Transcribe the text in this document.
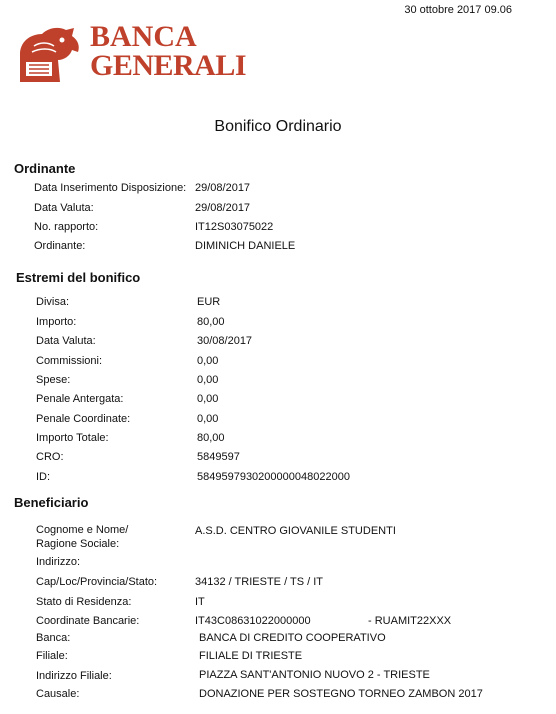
30 ottobre 2017 09.06
BANCA
GENERALI
Bonifico Ordinario
Ordinante
Data Inserimento Disposizione: 29/08/2017
Data Valuta:	29/08/2017
No. rapporto:	IT12S03075022
Ordinante:	DIMINICH DANIELE
Estremi del bonifico
Divisa:	EUR
Importo:	80,00
Data Valuta:	30/08/2017
Commissioni:	0,00
Spese:	0,00
Penale Antergata:	0,00
Penale Coordinate:	0,00
Importo Totale:	80,00
CRO:	5849597
ID:	5849597930200000048022000
Beneficiario
Cognome e Nome/
Ragione Sociale:
A.S.D. CENTRO GIOVANILE STUDENTI
Indirizzo:
Cap/Loc/Provincia/Stato:	34132 / TRIESTE / TS / IT
Stato di Residenza:	IT
Coordinate Bancarie:	IT43C08631022000000	- RUAMIT22XXX
Banca:	BANCA DI CREDITO COOPERATIVO
Filiale:	FILIALE DI TRIESTE
Indirizzo Filiale:	PIAZZA SANT'ANTONIO NUOVO 2 - TRIESTE
Causale:	DONAZIONE PER SOSTEGNO TORNEO ZAMBON 2017
